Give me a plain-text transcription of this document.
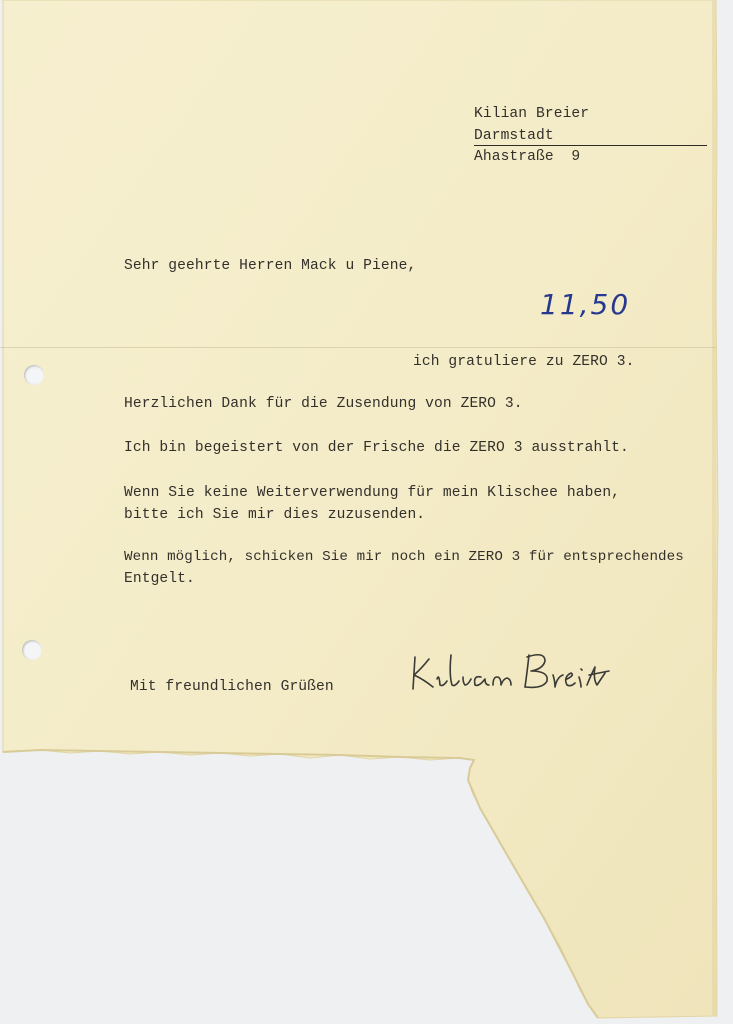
Kilian Breier
Darmstadt
Ahastraße  9
Sehr geehrte Herren Mack u Piene,
11,50
ich gratuliere zu ZERO 3.
Herzlichen Dank für die Zusendung von ZERO 3.
Ich bin begeistert von der Frische die ZERO 3 ausstrahlt.
Wenn Sie keine Weiterverwendung für mein Klischee haben,
bitte ich Sie mir dies zuzusenden.
Wenn möglich, schicken Sie mir noch ein ZERO 3 für entsprechendes
Entgelt.
Mit freundlichen Grüßen
